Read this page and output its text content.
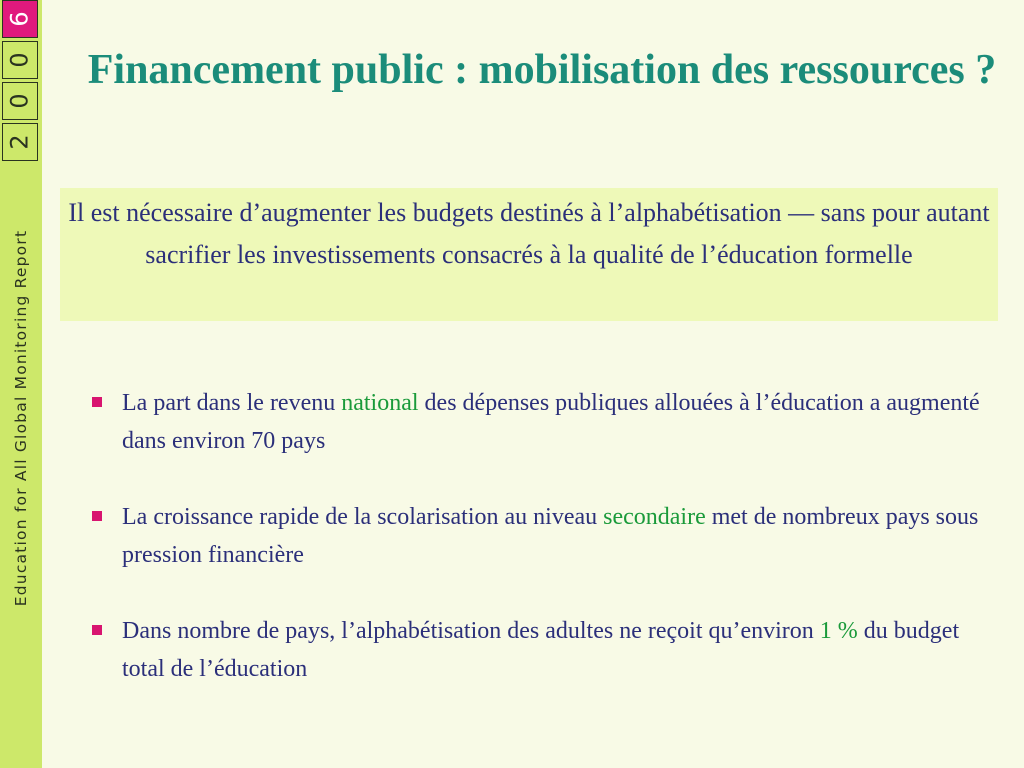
6
0
0
2
Education for All Global Monitoring Report
Financement public : mobilisation des ressources ?
Il est nécessaire d’augmenter les budgets destinés à l’alphabétisation — sans pour autant sacrifier les investissements consacrés à la qualité de l’éducation formelle
La part dans le revenu national des dépenses publiques allouées à l’éducation a augmenté dans environ 70 pays
La croissance rapide de la scolarisation au niveau secondaire met de nombreux pays sous pression financière
Dans nombre de pays, l’alphabétisation des adultes ne reçoit qu’environ 1 % du budget total de l’éducation
